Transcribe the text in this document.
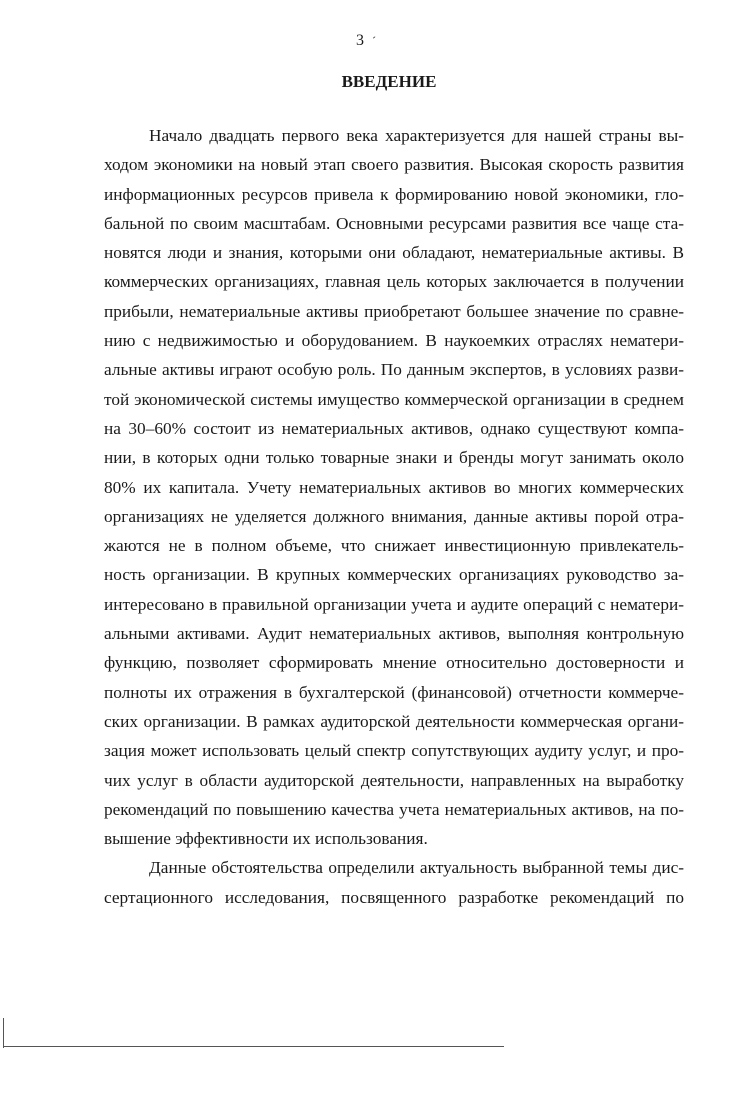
3 ´
ВВЕДЕНИЕ
Начало двадцать первого века характеризуется для нашей страны вы-
ходом экономики на новый этап своего развития. Высокая скорость развития
информационных ресурсов привела к формированию новой экономики, гло-
бальной по своим масштабам. Основными ресурсами развития все чаще ста-
новятся люди и знания, которыми они обладают, нематериальные активы. В
коммерческих организациях, главная цель которых заключается в получении
прибыли, нематериальные активы приобретают большее значение по сравне-
нию с недвижимостью и оборудованием. В наукоемких отраслях нематери-
альные активы играют особую роль. По данным экспертов, в условиях разви-
той экономической системы имущество коммерческой организации в среднем
на 30–60% состоит из нематериальных активов, однако существуют компа-
нии, в которых одни только товарные знаки и бренды могут занимать около
80% их капитала. Учету нематериальных активов во многих коммерческих
организациях не уделяется должного внимания, данные активы порой отра-
жаются не в полном объеме, что снижает инвестиционную привлекатель-
ность организации. В крупных коммерческих организациях руководство за-
интересовано в правильной организации учета и аудите операций с нематери-
альными активами. Аудит нематериальных активов, выполняя контрольную
функцию, позволяет сформировать мнение относительно достоверности и
полноты их отражения в бухгалтерской (финансовой) отчетности коммерче-
ских организации. В рамках аудиторской деятельности коммерческая органи-
зация может использовать целый спектр сопутствующих аудиту услуг, и про-
чих услуг в области аудиторской деятельности, направленных на выработку
рекомендаций по повышению качества учета нематериальных активов, на по-
вышение эффективности их использования.
Данные обстоятельства определили актуальность выбранной темы дис-
сертационного исследования, посвященного разработке рекомендаций по
